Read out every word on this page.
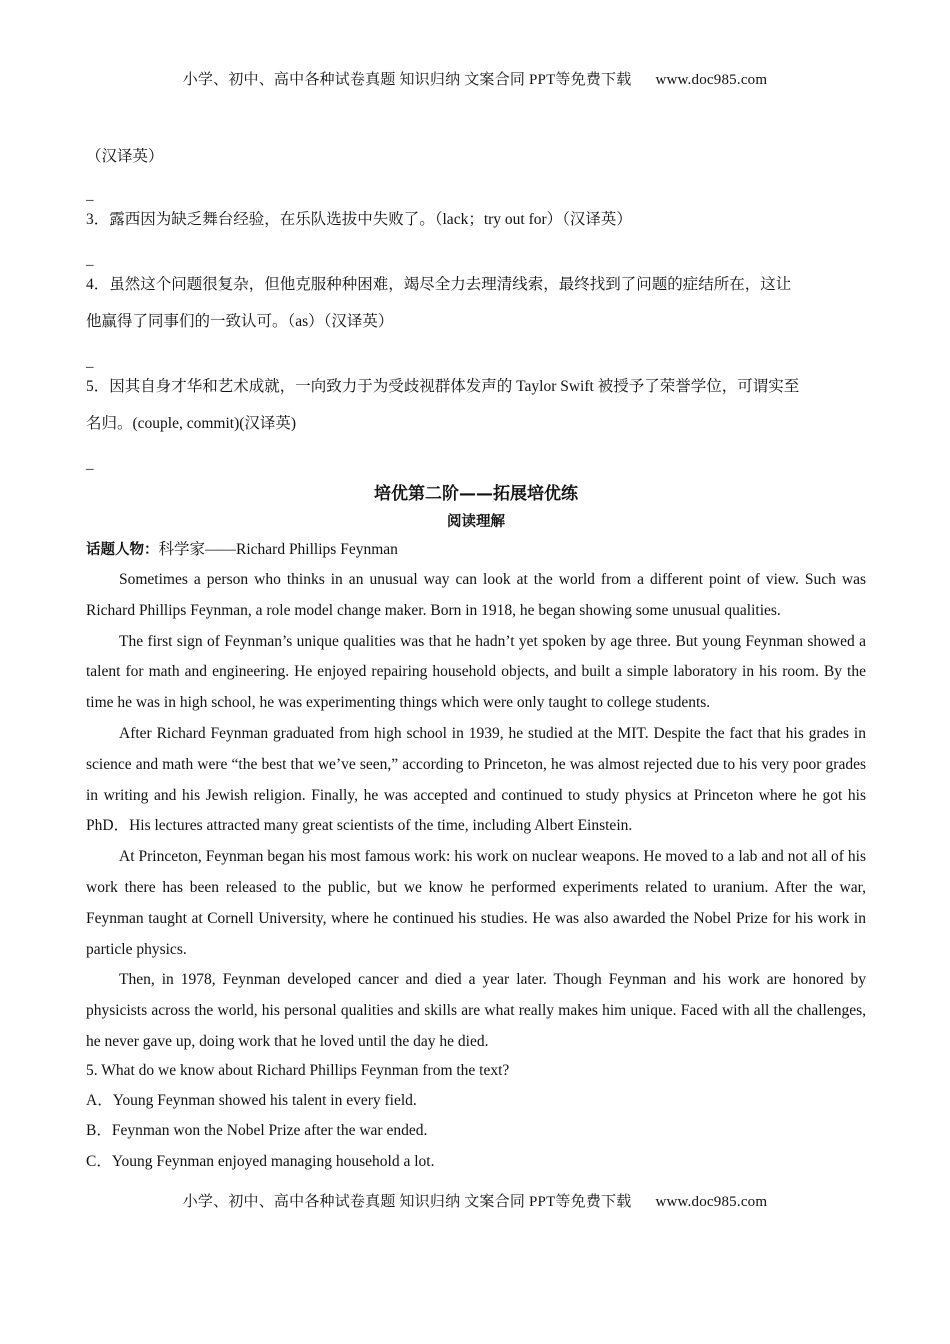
小学、初中、高中各种试卷真题 知识归纳 文案合同 PPT等免费下载 www.doc985.com
（汉译英）
_
3．露西因为缺乏舞台经验，在乐队选拔中失败了。（lack；try out for）（汉译英）
_
4．虽然这个问题很复杂，但他克服种种困难，竭尽全力去理清线索，最终找到了问题的症结所在，这让
他赢得了同事们的一致认可。（as）（汉译英）
_
5．因其自身才华和艺术成就，一向致力于为受歧视群体发声的 Taylor Swift 被授予了荣誉学位，可谓实至
名归。(couple, commit)(汉译英)
_
培优第二阶——拓展培优练
阅读理解
话题人物：科学家——Richard Phillips Feynman

Sometimes a person who thinks in an unusual way can look at the world from a different point of view. Such was Richard Phillips Feynman, a role model change maker. Born in 1918, he began showing some unusual qualities.

The first sign of Feynman’s unique qualities was that he hadn’t yet spoken by age three. But young Feynman showed a talent for math and engineering. He enjoyed repairing household objects, and built a simple laboratory in his room. By the time he was in high school, he was experimenting things which were only taught to college students.

After Richard Feynman graduated from high school in 1939, he studied at the MIT. Despite the fact that his grades in science and math were “the best that we’ve seen,” according to Princeton, he was almost rejected due to his very poor grades in writing and his Jewish religion. Finally, he was accepted and continued to study physics at Princeton where he got his PhD．His lectures attracted many great scientists of the time, including Albert Einstein.

At Princeton, Feynman began his most famous work: his work on nuclear weapons. He moved to a lab and not all of his work there has been released to the public, but we know he performed experiments related to uranium. After the war, Feynman taught at Cornell University, where he continued his studies. He was also awarded the Nobel Prize for his work in particle physics.

Then, in 1978, Feynman developed cancer and died a year later. Though Feynman and his work are honored by physicists across the world, his personal qualities and skills are what really makes him unique. Faced with all the challenges, he never gave up, doing work that he loved until the day he died.

5. What do we know about Richard Phillips Feynman from the text?
A．Young Feynman showed his talent in every field.
B．Feynman won the Nobel Prize after the war ended.
C．Young Feynman enjoyed managing household a lot.
小学、初中、高中各种试卷真题 知识归纳 文案合同 PPT等免费下载 www.doc985.com
